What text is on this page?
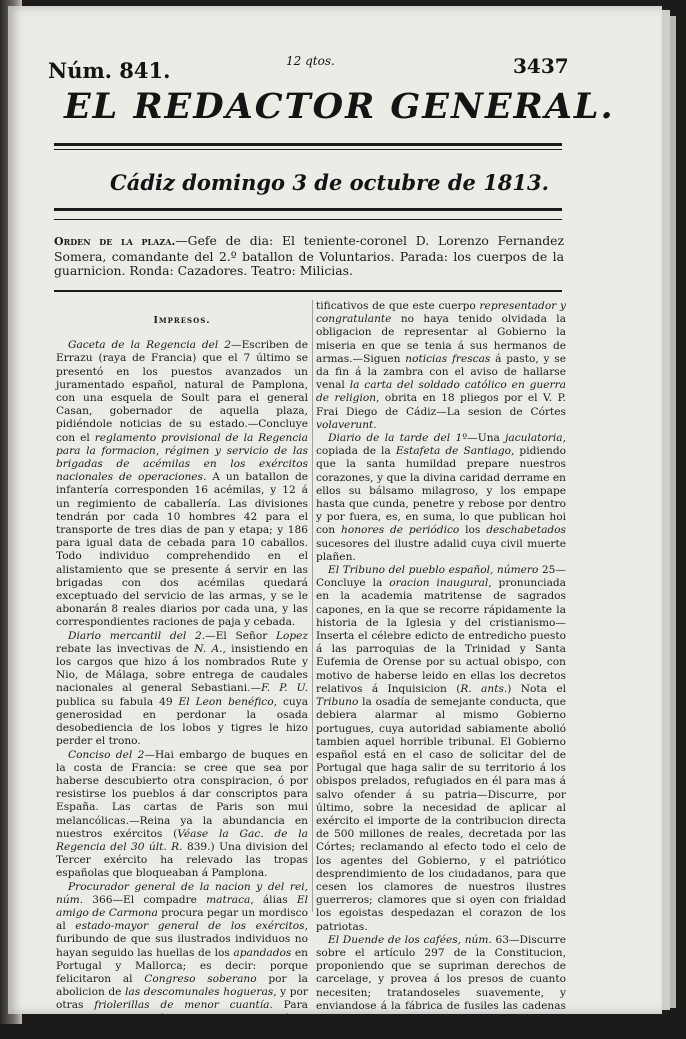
Núm. 841.	12 qtos.	3437
EL REDACTOR GENERAL.
Cádiz domingo 3 de octubre de 1813.
Orden de la plaza.—Gefe de dia: El teniente-coronel D. Lorenzo Fernandez Somera, comandante del 2.º batallon de Voluntarios. Parada: los cuerpos de la guarnicion. Ronda: Cazadores. Teatro: Milicias.
Impresos.

Gaceta de la Regencia del 2—Escriben de Errazu (raya de Francia) que el 7 último se presentó en los puestos avanzados un juramentado español, natural de Pamplona, con una esquela de Soult para el general Casan, gobernador de aquella plaza, pidiéndole noticias de su estado.—Concluye con el reglamento provisional de la Regencia para la formacion, régimen y servicio de las brigadas de acémilas en los exércitos nacionales de operaciones. A un batallon de infantería corresponden 16 acémilas, y 12 á un regimiento de caballería. Las divisiones tendrán por cada 10 hombres 42 para el transporte de tres dias de pan y etapa; y 186 para igual data de cebada para 10 caballos. Todo individuo comprehendido en el alistamiento que se presente á servir en las brigadas con dos acémilas quedará exceptuado del servicio de las armas, y se le abonarán 8 reales diarios por cada una, y las correspondientes raciones de paja y cebada.

Diario mercantil del 2.—El Señor Lopez rebate las invectivas de N. A., insistiendo en los cargos que hizo á los nombrados Rute y Nio, de Málaga, sobre entrega de caudales nacionales al general Sebastiani.—F. P. U. publica su fabula 49 El Leon benéfico, cuya generosidad en perdonar la osada desobediencia de los lobos y tigres le hizo perder el trono.

Conciso del 2—Hai embargo de buques en la costa de Francia: se cree que sea por haberse descubierto otra conspiracion, ó por resistirse los pueblos á dar conscriptos para España. Las cartas de Paris son mui melancólicas.—Reina ya la abundancia en nuestros exércitos (Véase la Gac. de la Regencia del 30 últ. R. 839.) Una division del Tercer exército ha relevado las tropas españolas que bloqueaban á Pamplona.

Procurador general de la nacion y del rei, núm. 366—El compadre matraca, álias El amigo de Carmona procura pegar un mordisco al estado-mayor general de los exércitos, furibundo de que sus ilustrados individuos no hayan seguido las huellas de los apandados en Portugal y Mallorca; es decir: porque felicitaron al Congreso soberano por la abolicion de las descomunales hogueras, y por otras friolerillas de menor cuantía. Para desfogar su climatérica bilis pide nada ménos que los documentos jus-

tificativos de que este cuerpo representador y congratulante no haya tenido olvidada la obligacion de representar al Gobierno la miseria en que se tenia á sus hermanos de armas.—Siguen noticias frescas á pasto, y se da fin á la zambra con el aviso de hallarse venal la carta del soldado católico en guerra de religion, obrita en 18 pliegos por el V. P. Frai Diego de Cádiz—La sesion de Córtes volaverunt.

Diario de la tarde del 1º—Una jaculatoria, copiada de la Estafeta de Santiago, pidiendo que la santa humildad prepare nuestros corazones, y que la divina caridad derrame en ellos su bálsamo milagroso, y los empape hasta que cunda, penetre y rebose por dentro y por fuera, es, en suma, lo que publican hoi con honores de periódico los deschabetados sucesores del ilustre adalid cuya civil muerte plañen.

El Tribuno del pueblo español, número 25—Concluye la oracion inaugural, pronunciada en la academia matritense de sagrados capones, en la que se recorre rápidamente la historia de la Iglesia y del cristianismo—Inserta el célebre edicto de entredicho puesto á las parroquias de la Trinidad y Santa Eufemia de Orense por su actual obispo, con motivo de haberse leido en ellas los decretos relativos á Inquisicion (R. ants.) Nota el Tribuno la osadía de semejante conducta, que debiera alarmar al mismo Gobierno portugues, cuya autoridad sabiamente abolió tambien aquel horrible tribunal. El Gobierno español está en el caso de solicitar del de Portugal que haga salir de su territorio á los obispos prelados, refugiados en él para mas á salvo ofender á su patria—Discurre, por último, sobre la necesidad de aplicar al exército el importe de la contribucion directa de 500 millones de reales, decretada por las Córtes; reclamando al efecto todo el celo de los agentes del Gobierno, y el patriótico desprendimiento de los ciudadanos, para que cesen los clamores de nuestros ilustres guerreros; clamores que si oyen con frialdad los egoistas despedazan el corazon de los patriotas.

El Duende de los cafées, núm. 63—Discurre sobre el artículo 297 de la Constitucion, proponiendo que se supriman derechos de carcelage, y provea á los presos de cuanto necesiten; tratandoseles suavemente, y enviandose á la fábrica de fusiles las cadenas y grillos con
